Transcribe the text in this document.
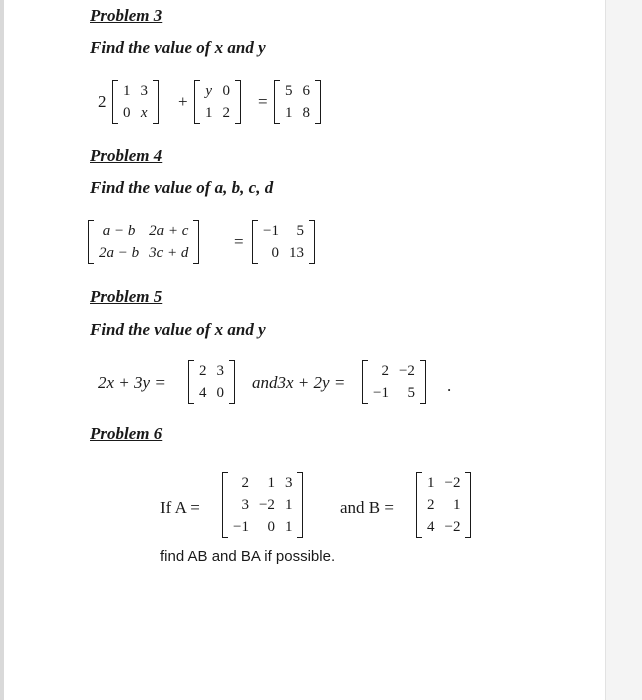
Problem 3
Find the value of x and y
2
1	3
0	x
+
y	0
1	2
=
5	6
1	8
Problem 4
Find the value of a, b, c, d
a − b	2a + c
2a − b	3c + d
=
−1	5
0	13
Problem 5
Find the value of x and y
2x + 3y =
2	3
4	0
and3x + 2y =
2	−2
−1	5 .
Problem 6
If A =
2	1	3
3	−2	1
−1	0	1
and B =
1	−2
2	1
4	−2
find AB and BA if possible.
